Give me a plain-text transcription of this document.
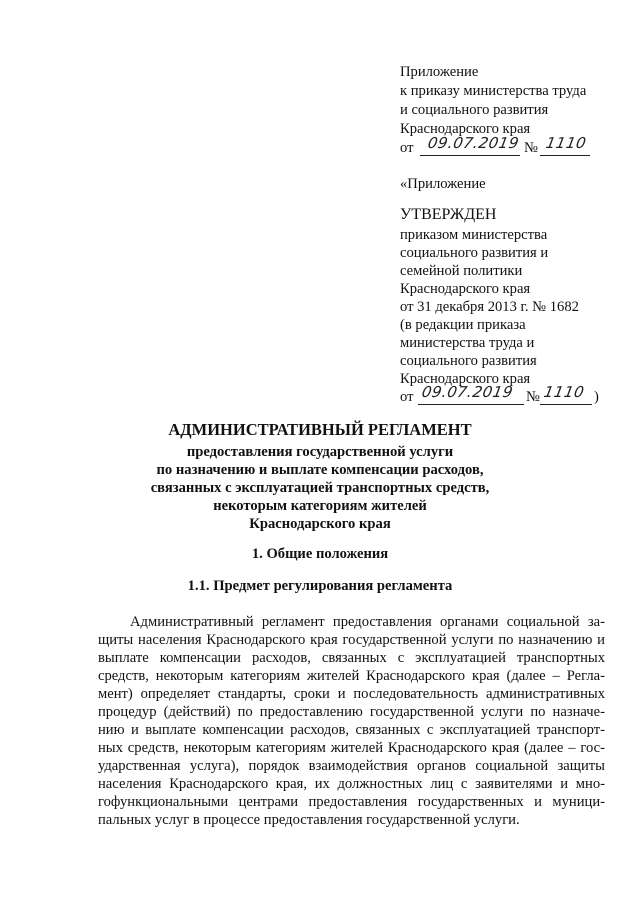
Приложение
к приказу министерства труда
и социального развития
Краснодарского края
от 09.07.2019 № 1110
«Приложение
УТВЕРЖДЕН
приказом министерства
социального развития и
семейной политики
Краснодарского края
от 31 декабря 2013 г. № 1682
(в редакции приказа
министерства труда и
социального развития
Краснодарского края
от 09.07.2019 № 1110 )
АДМИНИСТРАТИВНЫЙ РЕГЛАМЕНТ
предоставления государственной услуги
по назначению и выплате компенсации расходов,
связанных с эксплуатацией транспортных средств,
некоторым категориям жителей
Краснодарского края
1. Общие положения
1.1. Предмет регулирования регламента
Административный регламент предоставления органами социальной за-
щиты населения Краснодарского края государственной услуги по назначению и
выплате компенсации расходов, связанных с эксплуатацией транспортных
средств, некоторым категориям жителей Краснодарского края (далее – Регла-
мент) определяет стандарты, сроки и последовательность административных
процедур (действий) по предоставлению государственной услуги по назначе-
нию и выплате компенсации расходов, связанных с эксплуатацией транспорт-
ных средств, некоторым категориям жителей Краснодарского края (далее – гос-
ударственная услуга), порядок взаимодействия органов социальной защиты
населения Краснодарского края, их должностных лиц с заявителями и мно-
гофункциональными центрами предоставления государственных и муници-
пальных услуг в процессе предоставления государственной услуги.
